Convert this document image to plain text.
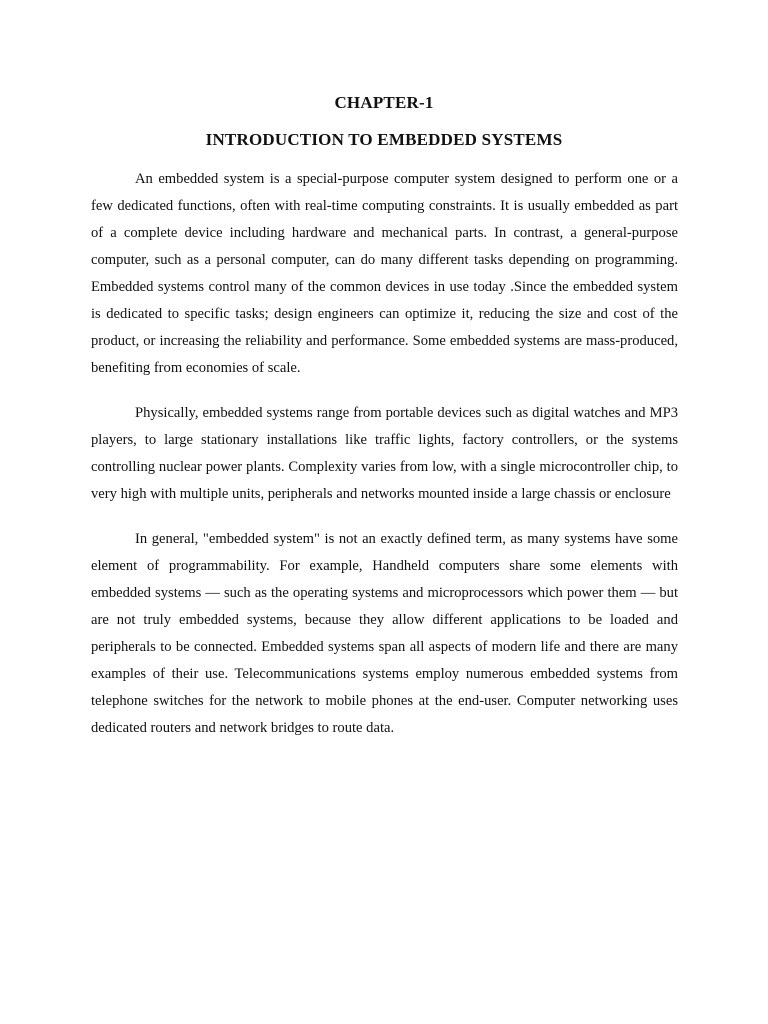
CHAPTER-1
INTRODUCTION TO EMBEDDED SYSTEMS

An embedded system is a special-purpose computer system designed to perform one or a few dedicated functions, often with real-time computing constraints. It is usually embedded as part of a complete device including hardware and mechanical parts. In contrast, a general-purpose computer, such as a personal computer, can do many different tasks depending on programming. Embedded systems control many of the common devices in use today .Since the embedded system is dedicated to specific tasks; design engineers can optimize it, reducing the size and cost of the product, or increasing the reliability and performance. Some embedded systems are mass-produced, benefiting from economies of scale.

Physically, embedded systems range from portable devices such as digital watches and MP3 players, to large stationary installations like traffic lights, factory controllers, or the systems controlling nuclear power plants. Complexity varies from low, with a single microcontroller chip, to very high with multiple units, peripherals and networks mounted inside a large chassis or enclosure

In general, "embedded system" is not an exactly defined term, as many systems have some element of programmability. For example, Handheld computers share some elements with embedded systems — such as the operating systems and microprocessors which power them — but are not truly embedded systems, because they allow different applications to be loaded and peripherals to be connected. Embedded systems span all aspects of modern life and there are many examples of their use. Telecommunications systems employ numerous embedded systems from telephone switches for the network to mobile phones at the end-user. Computer networking uses dedicated routers and network bridges to route data.
